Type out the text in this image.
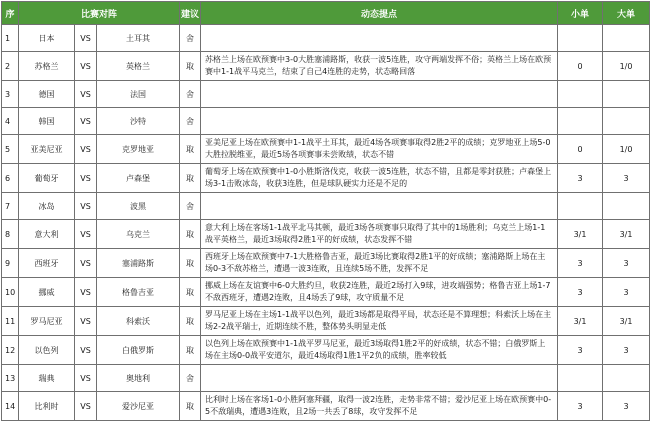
序	比赛对阵			建议	动态提点	小单	大单
1	日本	VS	土耳其	舍			
2	苏格兰	VS	英格兰	取	苏格兰上场在欧预赛中3-0大胜塞浦路斯，收获一波5连胜，攻守两端发挥不俗；英格兰上场在欧预赛中1-1战平马克兰，结束了自己4连胜的走势，状态略回落	0	1/0
3	德国	VS	法国	舍			
4	韩国	VS	沙特	舍			
5	亚美尼亚	VS	克罗地亚	取	亚美尼亚上场在欧预赛中1-1战平土耳其，最近4场各项赛事取得2胜2平的成绩；克罗地亚上场5-0大胜拉脱维亚，最近5场各项赛事未尝败绩，状态不错	0	1/0
6	葡萄牙	VS	卢森堡	取	葡萄牙上场在欧预赛中1-0小胜斯洛伐克，收获一波5连胜，状态不错，且都是零封获胜；卢森堡上场3-1击败冰岛，收获3连胜，但是球队硬实力还是不足的	3	3
7	冰岛	VS	波黑	舍			
8	意大利	VS	乌克兰	取	意大利上场在客场1-1战平北马其顿，最近3场各项赛事只取得了其中的1场胜利；乌克兰上场1-1战平英格兰，最近3场取得2胜1平的好成绩，状态发挥不错	3/1	3/1
9	西班牙	VS	塞浦路斯	取	西班牙上场在欧预赛中7-1大胜格鲁吉亚，最近3场比赛取得2胜1平的好成绩；塞浦路斯上场在主场0-3不敌苏格兰，遭遇一波3连败，且连续5场不胜，发挥不足	3	3
10	挪威	VS	格鲁吉亚	取	挪威上场在友谊赛中6-0大胜约旦，收获2连胜，最近2场打入9球，进攻端强势；格鲁吉亚上场1-7不敌西班牙，遭遇2连败，且4场丢了9球，攻守质量不足	3	3
11	罗马尼亚	VS	科索沃	取	罗马尼亚上场在主场1-1战平以色列，最近3场都是取得平局，状态还是不算理想；科索沃上场在主场2-2战平瑞士，近期连续不胜，整体势头明显走低	3/1	3/1
12	以色列	VS	白俄罗斯	取	以色列上场在欧预赛中1-1战平罗马尼亚，最近3场取得1胜2平的好成绩，状态不错；白俄罗斯上场在主场0-0战平安道尔，最近4场取得1胜1平2负的成绩，胜率较低	3	3
13	瑞典	VS	奥地利	舍			
14	比利时	VS	爱沙尼亚	取	比利时上场在客场1-0小胜阿塞拜疆，取得一波2连胜，走势非常不错；爱沙尼亚上场在欧预赛中0-5不敌瑞典，遭遇3连败，且2场一共丢了8球，攻守发挥不足	3	3
